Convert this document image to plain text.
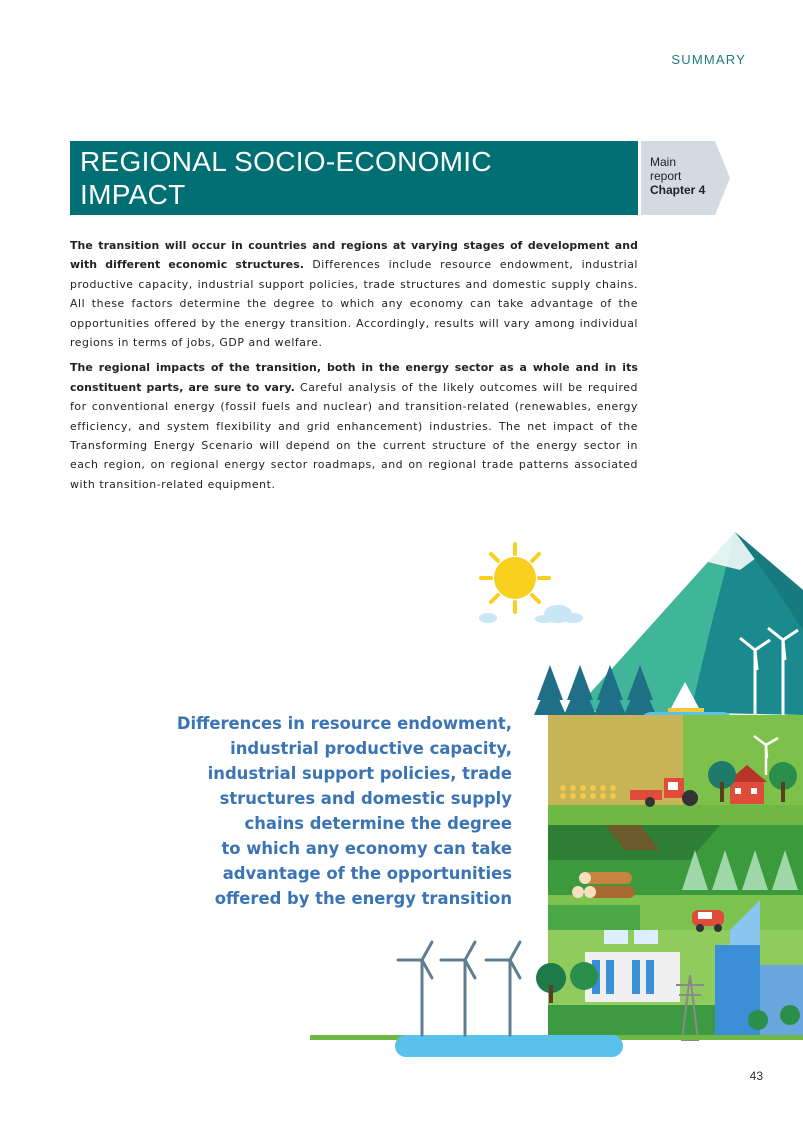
SUMMARY
REGIONAL SOCIO-ECONOMIC
IMPACT
Main
report
Chapter 4

The transition will occur in countries and regions at varying stages of development and with different economic structures. Differences include resource endowment, industrial productive capacity, industrial support policies, trade structures and domestic supply chains. All these factors determine the degree to which any economy can take advantage of the opportunities offered by the energy transition. Accordingly, results will vary among individual regions in terms of jobs, GDP and welfare.

The regional impacts of the transition, both in the energy sector as a whole and in its constituent parts, are sure to vary. Careful analysis of the likely outcomes will be required for conventional energy (fossil fuels and nuclear) and transition-related (renewables, energy efficiency, and system flexibility and grid enhancement) industries. The net impact of the Transforming Energy Scenario will depend on the current structure of the energy sector in each region, on regional energy sector roadmaps, and on regional trade patterns associated with transition-related equipment.

Differences in resource endowment,
industrial productive capacity,
industrial support policies, trade
structures and domestic supply
chains determine the degree
to which any economy can take
advantage of the opportunities
offered by the energy transition
43
